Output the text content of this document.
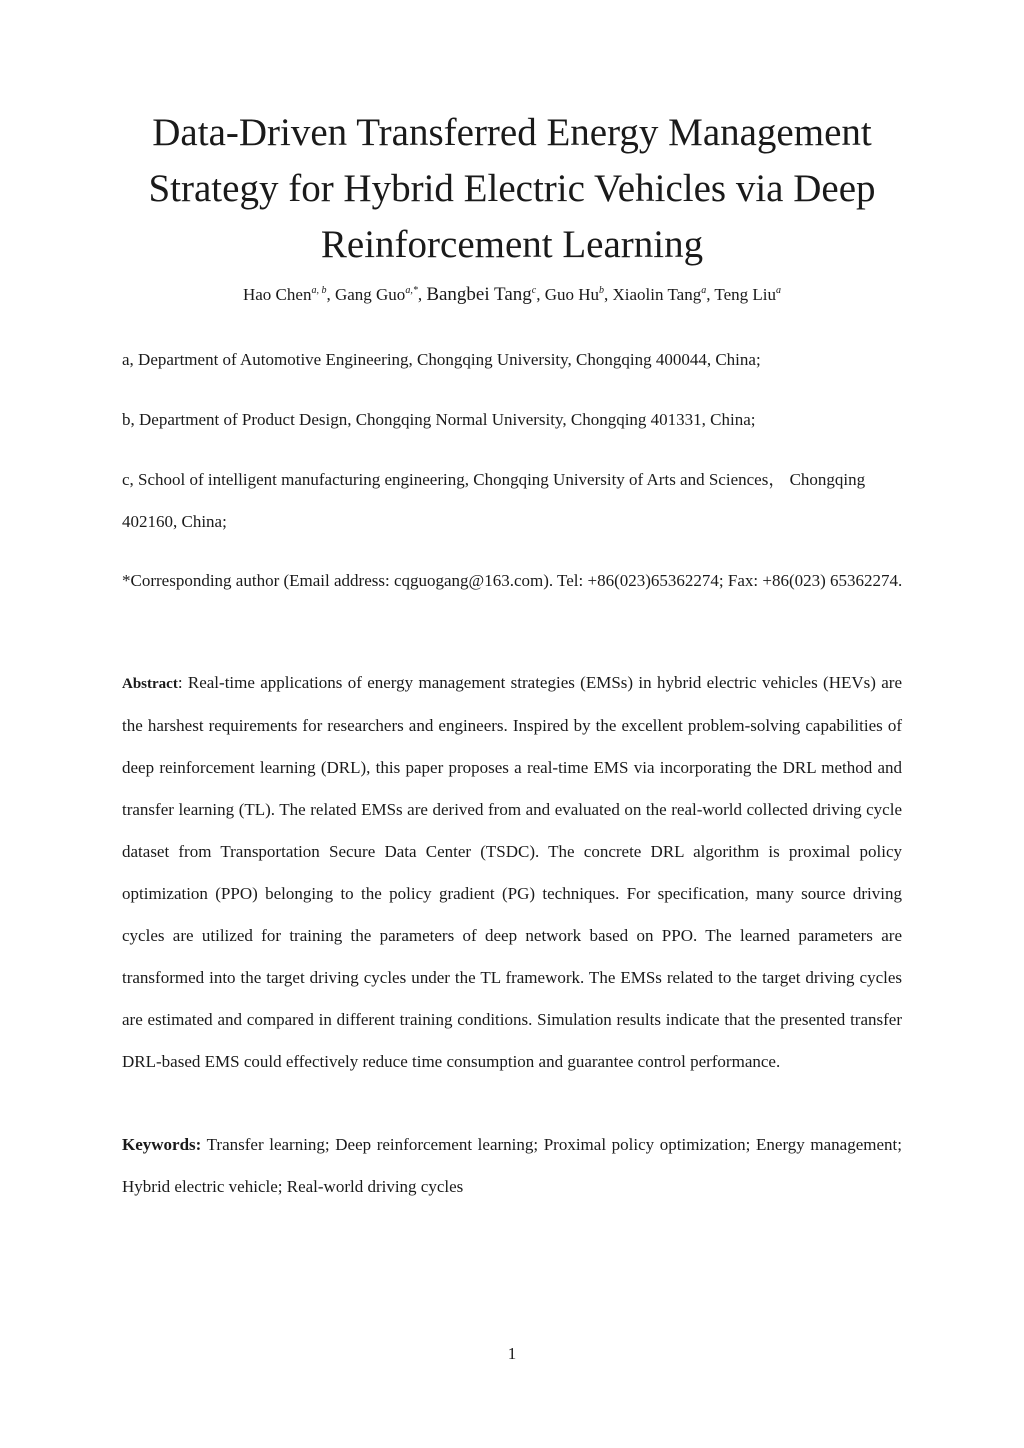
Data-Driven Transferred Energy Management Strategy for Hybrid Electric Vehicles via Deep Reinforcement Learning
Hao Chen$^{a, b}$, Gang Guo$^{a,*}$, Bangbei Tang$^c$, Guo Hu$^b$, Xiaolin Tang$^a$, Teng Liu$^a$

a, Department of Automotive Engineering, Chongqing University, Chongqing 400044, China;

b, Department of Product Design, Chongqing Normal University, Chongqing 401331, China;

c, School of intelligent manufacturing engineering, Chongqing University of Arts and Sciences， Chongqing 402160, China;

*Corresponding author (Email address: cqguogang@163.com). Tel: +86(023)65362274; Fax: +86(023) 65362274.

Abstract: Real-time applications of energy management strategies (EMSs) in hybrid electric vehicles (HEVs) are the harshest requirements for researchers and engineers. Inspired by the excellent problem-solving capabilities of deep reinforcement learning (DRL), this paper proposes a real-time EMS via incorporating the DRL method and transfer learning (TL). The related EMSs are derived from and evaluated on the real-world collected driving cycle dataset from Transportation Secure Data Center (TSDC). The concrete DRL algorithm is proximal policy optimization (PPO) belonging to the policy gradient (PG) techniques. For specification, many source driving cycles are utilized for training the parameters of deep network based on PPO. The learned parameters are transformed into the target driving cycles under the TL framework. The EMSs related to the target driving cycles are estimated and compared in different training conditions. Simulation results indicate that the presented transfer DRL-based EMS could effectively reduce time consumption and guarantee control performance.

Keywords: Transfer learning; Deep reinforcement learning; Proximal policy optimization; Energy management; Hybrid electric vehicle; Real-world driving cycles

1
